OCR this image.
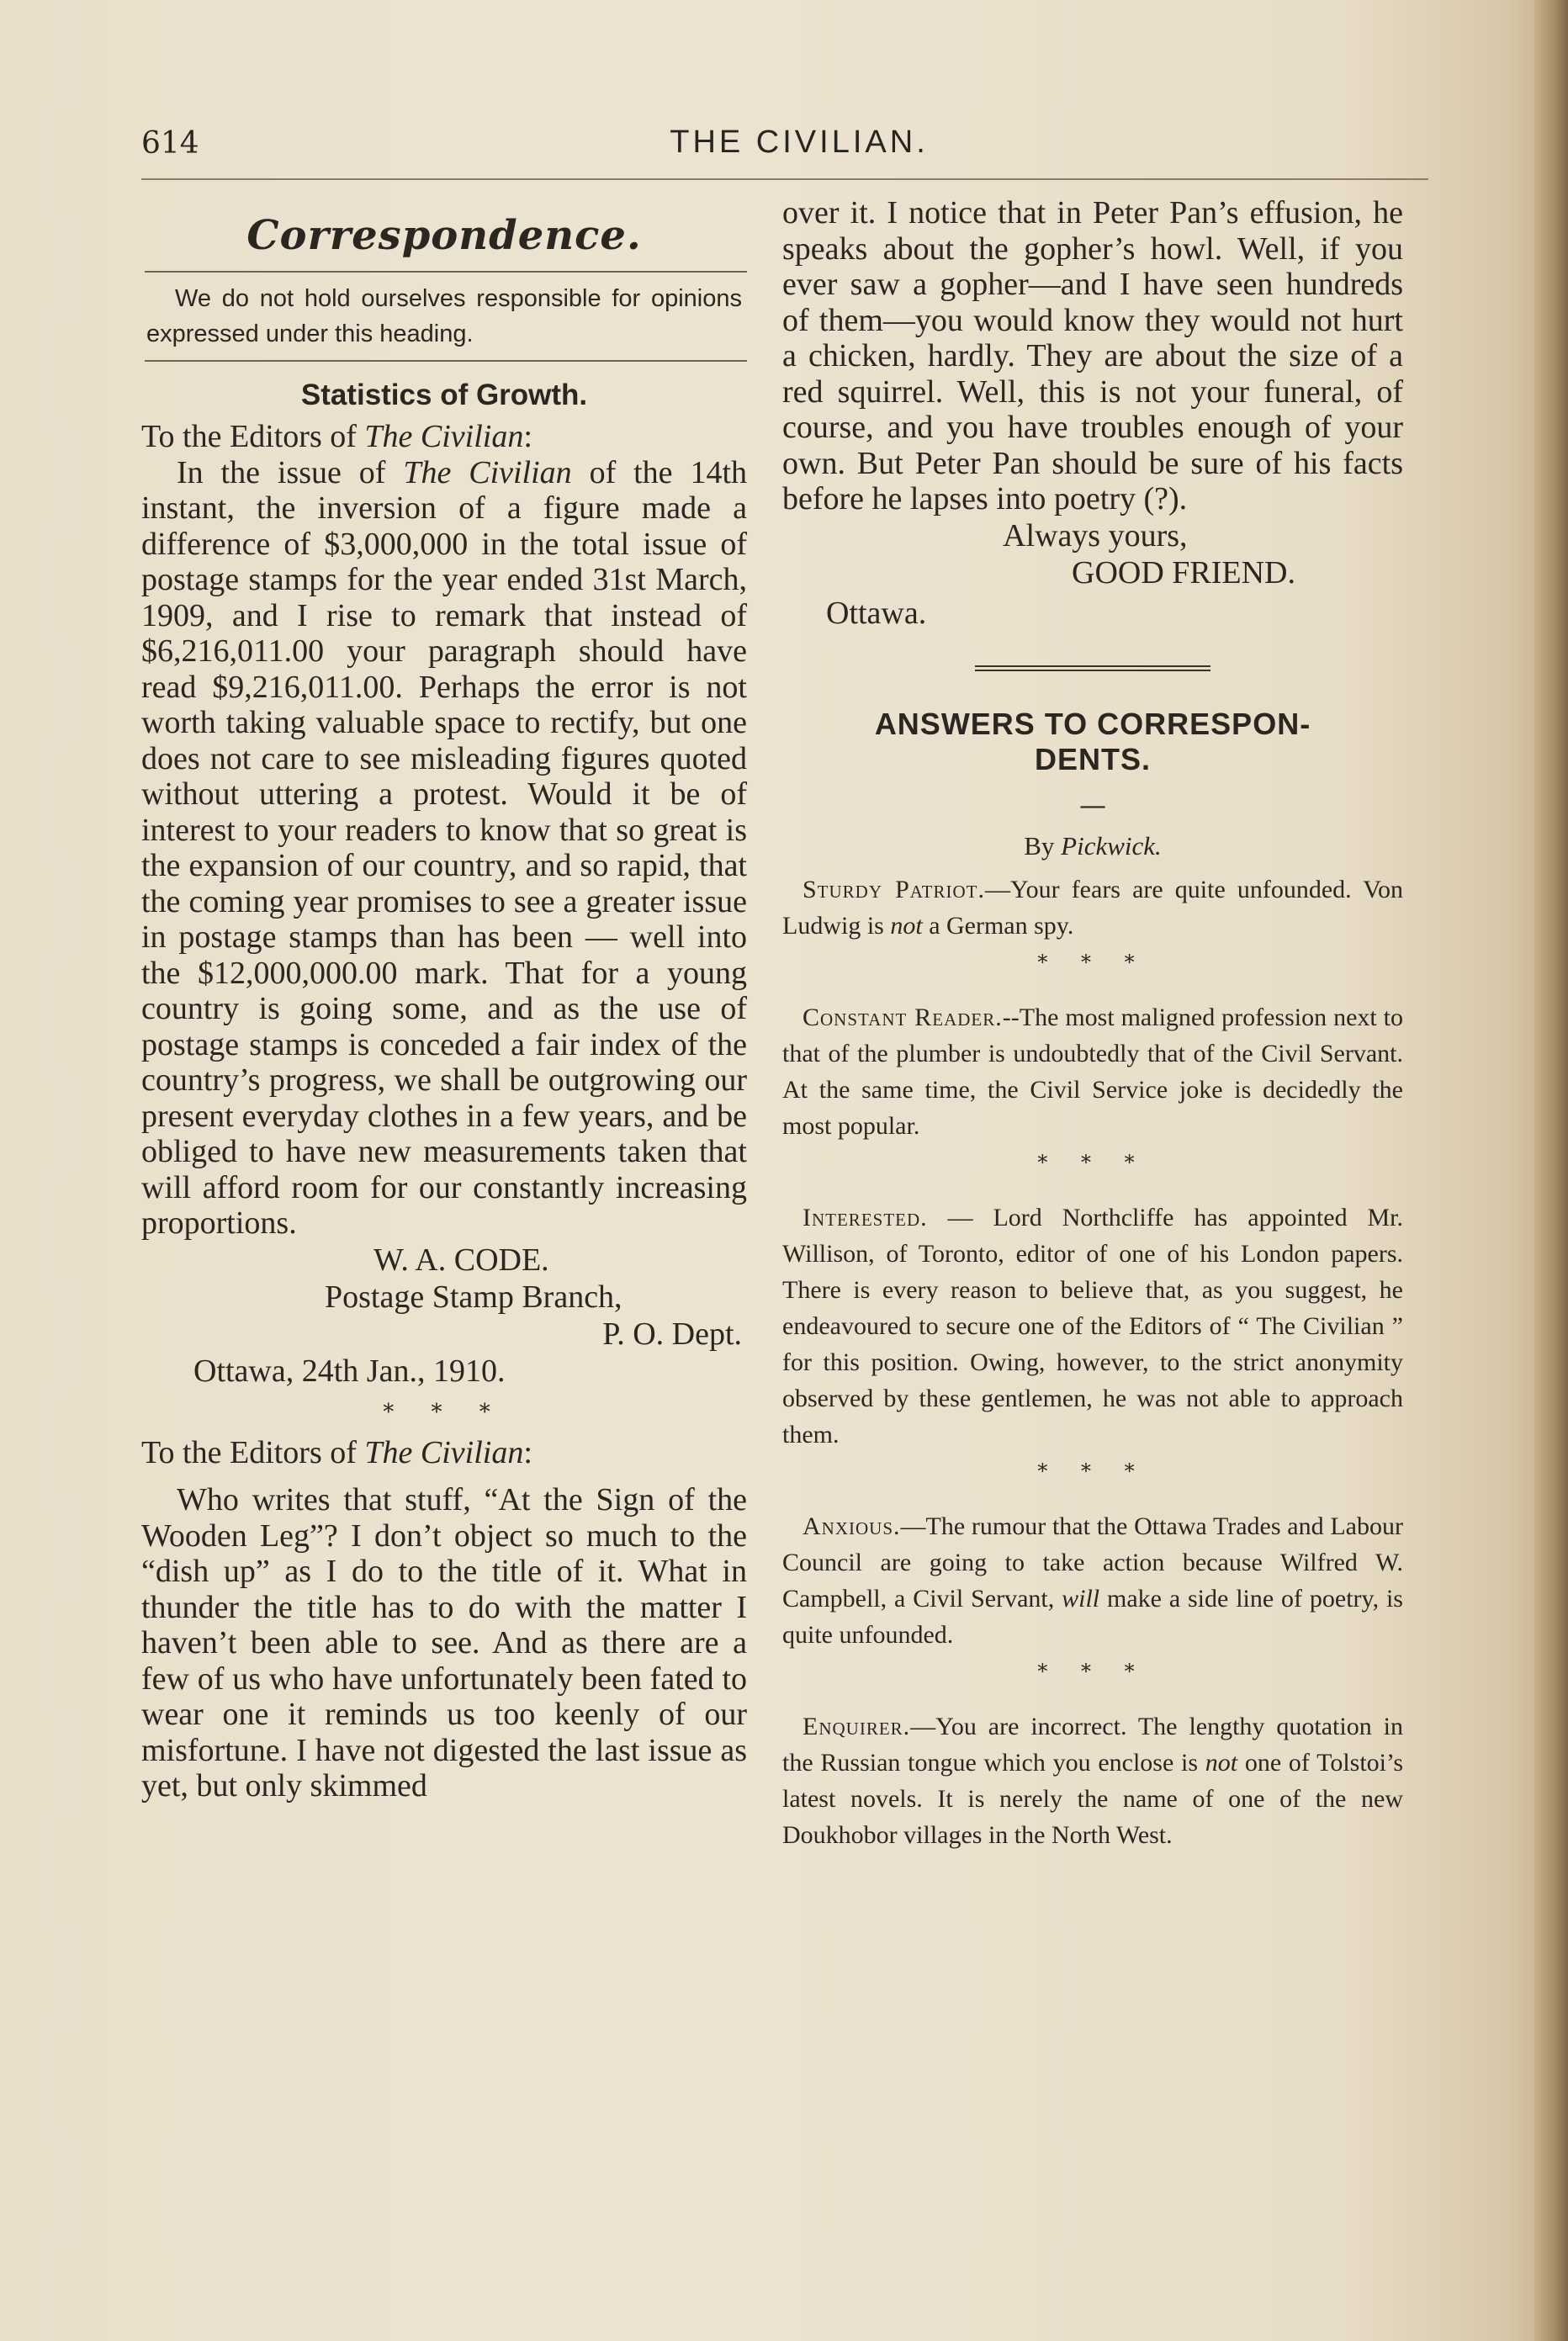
614	THE CIVILIAN.
Correspondence.
We do not hold ourselves responsible for opinions expressed under this heading.
Statistics of Growth.

To the Editors of The Civilian:

In the issue of The Civilian of the 14th instant, the inversion of a figure made a difference of $3,000,000 in the total issue of postage stamps for the year ended 31st March, 1909, and I rise to remark that instead of $6,216,011.00 your paragraph should have read $9,216,011.00. Perhaps the error is not worth taking valuable space to rectify, but one does not care to see misleading figures quoted without uttering a protest. Would it be of interest to your readers to know that so great is the expansion of our country, and so rapid, that the coming year promises to see a greater issue in postage stamps than has been — well into the $12,000,000.00 mark. That for a young country is going some, and as the use of postage stamps is conceded a fair index of the country’s progress, we shall be outgrowing our present everyday clothes in a few years, and be obliged to have new measurements taken that will afford room for our constantly increasing proportions.

W. A. CODE.
Postage Stamp Branch,
P. O. Dept.
Ottawa, 24th Jan., 1910.
* * *

To the Editors of The Civilian:

Who writes that stuff, “At the Sign of the Wooden Leg”? I don’t object so much to the “dish up” as I do to the title of it. What in thunder the title has to do with the matter I haven’t been able to see. And as there are a few of us who have unfortunately been fated to wear one it reminds us too keenly of our misfortune. I have not digested the last issue as yet, but only skimmed

over it. I notice that in Peter Pan’s effusion, he speaks about the gopher’s howl. Well, if you ever saw a gopher—and I have seen hundreds of them—you would know they would not hurt a chicken, hardly. They are about the size of a red squirrel. Well, this is not your funeral, of course, and you have troubles enough of your own. But Peter Pan should be sure of his facts before he lapses into poetry (?).

Always yours,
GOOD FRIEND.
Ottawa.
ANSWERS TO CORRESPON-
DENTS.
—
By Pickwick.

Sturdy Patriot.—Your fears are quite unfounded. Von Ludwig is not a German spy.

* * *

Constant Reader.--The most maligned profession next to that of the plumber is undoubtedly that of the Civil Servant. At the same time, the Civil Service joke is decidedly the most popular.

* * *

Interested. — Lord Northcliffe has appointed Mr. Willison, of Toronto, editor of one of his London papers. There is every reason to believe that, as you suggest, he endeavoured to secure one of the Editors of “ The Civilian ” for this position. Owing, however, to the strict anonymity observed by these gentlemen, he was not able to approach them.

* * *

Anxious.—The rumour that the Ottawa Trades and Labour Council are going to take action because Wilfred W. Campbell, a Civil Servant, will make a side line of poetry, is quite unfounded.

* * *

Enquirer.—You are incorrect. The lengthy quotation in the Russian tongue which you enclose is not one of Tolstoi’s latest novels. It is nerely the name of one of the new Doukhobor villages in the North West.
